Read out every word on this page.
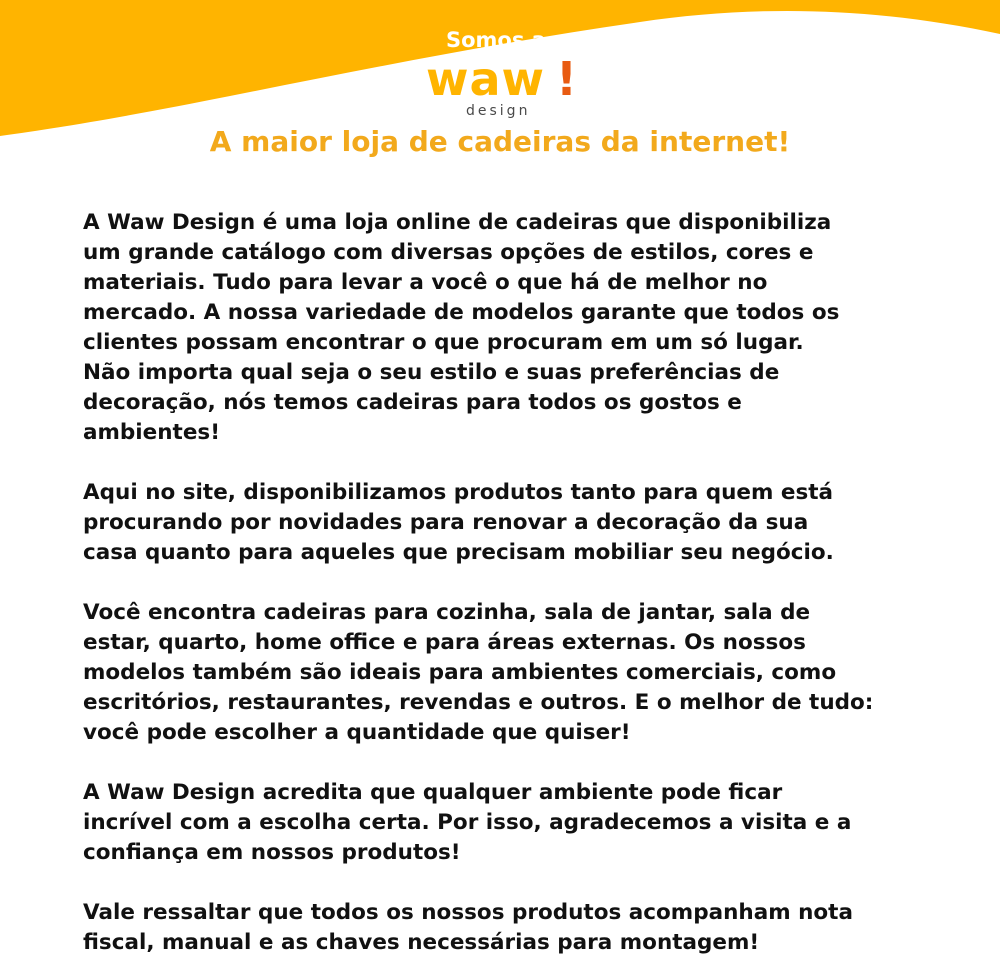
Somos a
waw !
design
A maior loja de cadeiras da internet!

A Waw Design é uma loja online de cadeiras que disponibiliza
um grande catálogo com diversas opções de estilos, cores e
materiais. Tudo para levar a você o que há de melhor no
mercado. A nossa variedade de modelos garante que todos os
clientes possam encontrar o que procuram em um só lugar.
Não importa qual seja o seu estilo e suas preferências de
decoração, nós temos cadeiras para todos os gostos e
ambientes!

Aqui no site, disponibilizamos produtos tanto para quem está
procurando por novidades para renovar a decoração da sua
casa quanto para aqueles que precisam mobiliar seu negócio.

Você encontra cadeiras para cozinha, sala de jantar, sala de
estar, quarto, home office e para áreas externas. Os nossos
modelos também são ideais para ambientes comerciais, como
escritórios, restaurantes, revendas e outros. E o melhor de tudo:
você pode escolher a quantidade que quiser!

A Waw Design acredita que qualquer ambiente pode ficar
incrível com a escolha certa. Por isso, agradecemos a visita e a
confiança em nossos produtos!

Vale ressaltar que todos os nossos produtos acompanham nota
fiscal, manual e as chaves necessárias para montagem!
